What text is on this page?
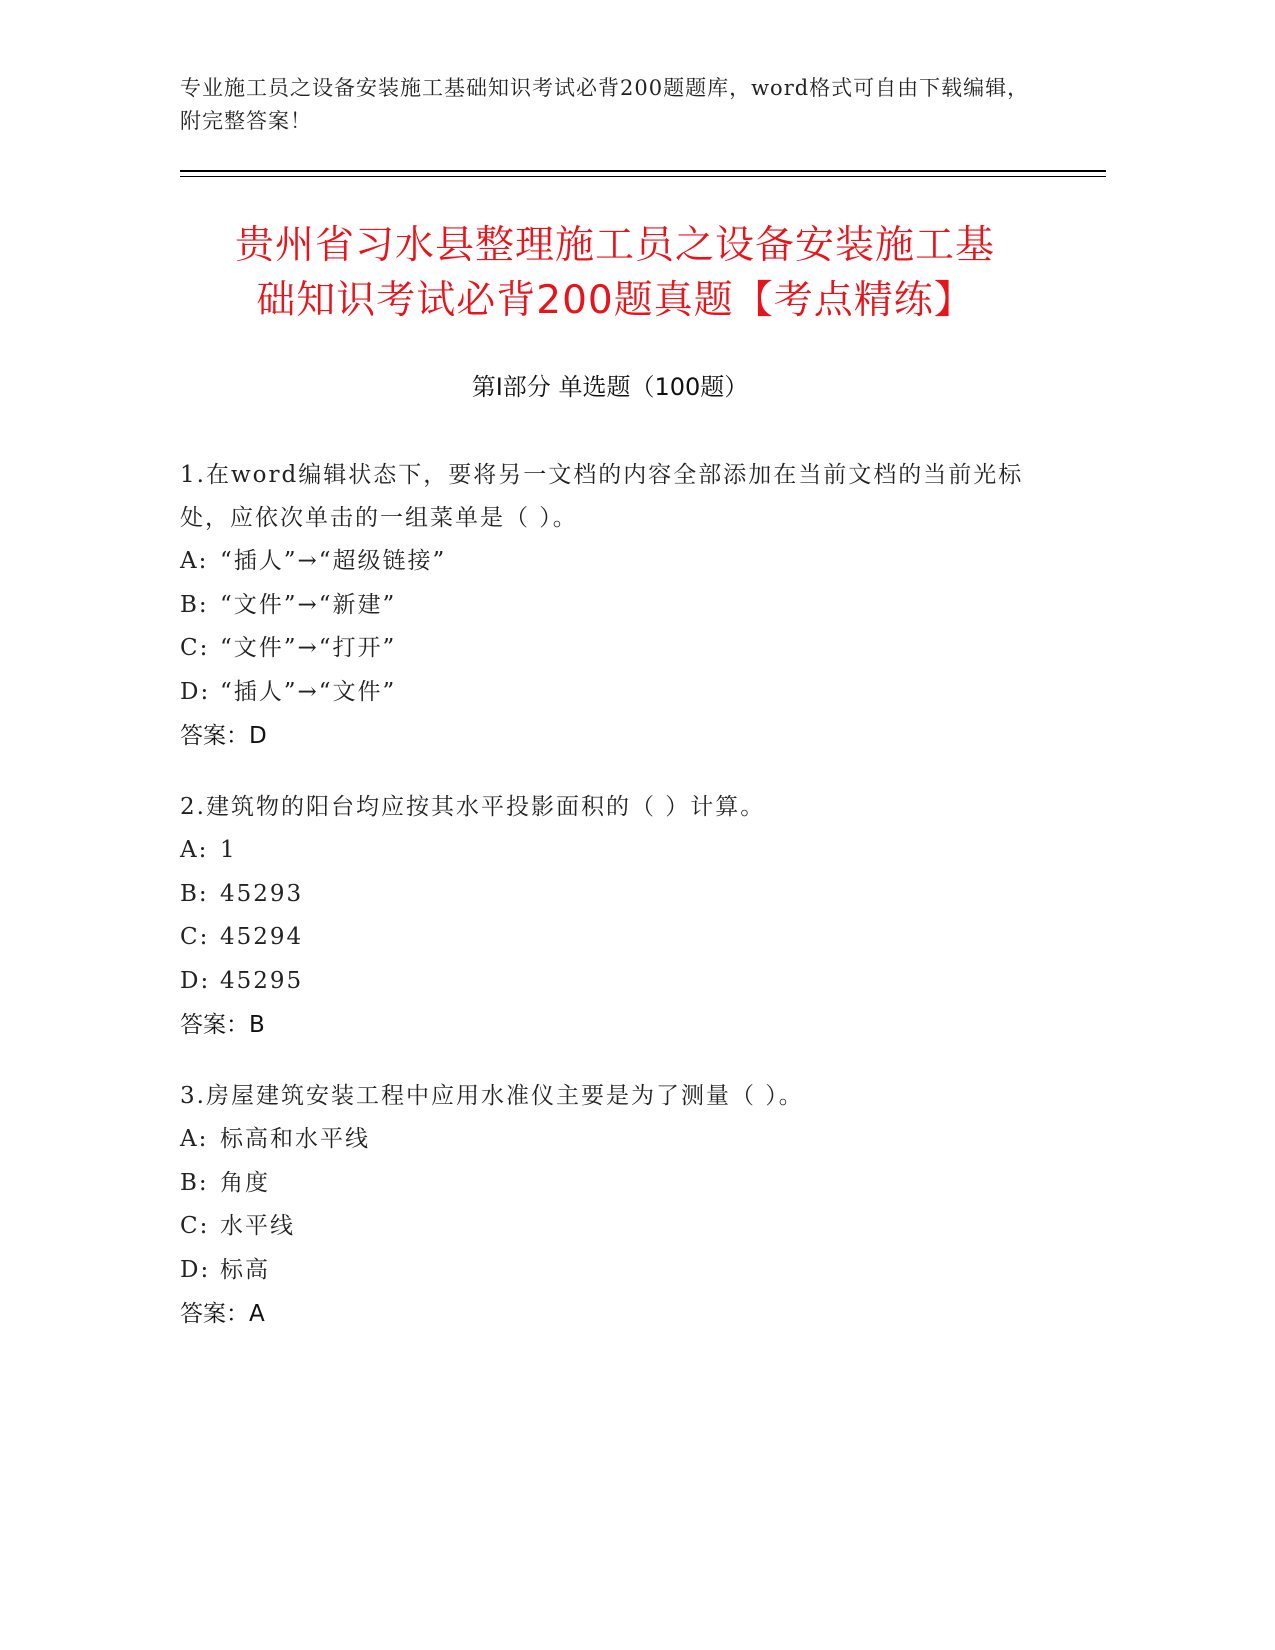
专业施工员之设备安装施工基础知识考试必背200题题库，word格式可自由下载编辑，附完整答案！
贵州省习水县整理施工员之设备安装施工基
础知识考试必背200题真题【考点精练】
第Ⅰ部分 单选题（100题）

1.在word编辑状态下，要将另一文档的内容全部添加在当前文档的当前光标处，应依次单击的一组菜单是（ ）。

A: “插人”→“超级链接”
B: “文件”→“新建”
C: “文件”→“打开”
D: “插人”→“文件”
答案：D

2.建筑物的阳台均应按其水平投影面积的（ ）计算。

A: 1
B: 45293
C: 45294
D: 45295
答案：B

3.房屋建筑安装工程中应用水准仪主要是为了测量（ ）。

A: 标高和水平线
B: 角度
C: 水平线
D: 标高
答案：A
